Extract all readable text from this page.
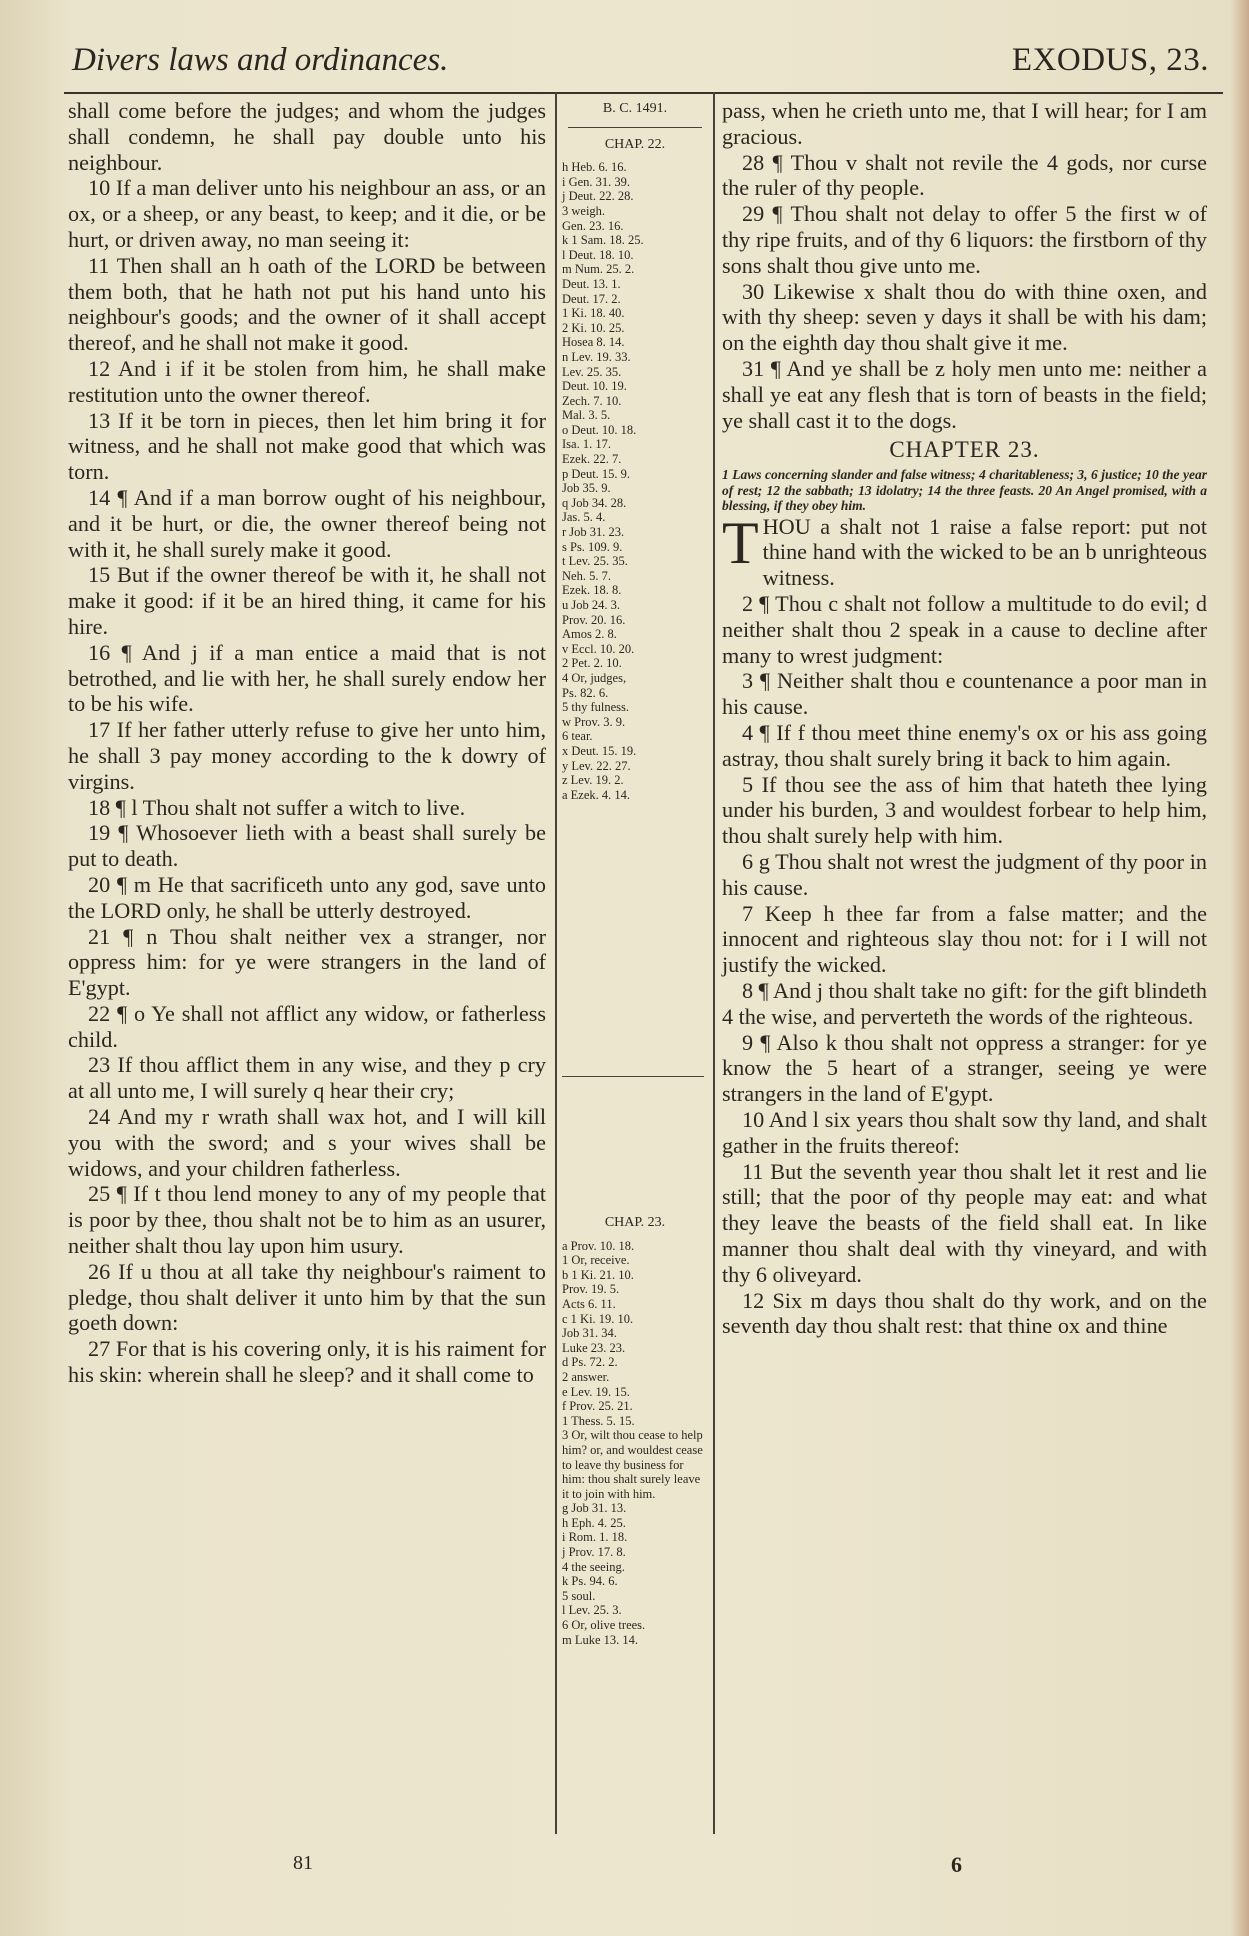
Divers laws and ordinances.	EXODUS, 23.

shall come before the judges; and whom the judges shall condemn, he shall pay double unto his neighbour.

10 If a man deliver unto his neighbour an ass, or an ox, or a sheep, or any beast, to keep; and it die, or be hurt, or driven away, no man seeing it:

11 Then shall an h oath of the LORD be between them both, that he hath not put his hand unto his neighbour's goods; and the owner of it shall accept thereof, and he shall not make it good.

12 And i if it be stolen from him, he shall make restitution unto the owner thereof.

13 If it be torn in pieces, then let him bring it for witness, and he shall not make good that which was torn.

14 ¶ And if a man borrow ought of his neighbour, and it be hurt, or die, the owner thereof being not with it, he shall surely make it good.

15 But if the owner thereof be with it, he shall not make it good: if it be an hired thing, it came for his hire.

16 ¶ And j if a man entice a maid that is not betrothed, and lie with her, he shall surely endow her to be his wife.

17 If her father utterly refuse to give her unto him, he shall 3 pay money according to the k dowry of virgins.

18 ¶ l Thou shalt not suffer a witch to live.

19 ¶ Whosoever lieth with a beast shall surely be put to death.

20 ¶ m He that sacrificeth unto any god, save unto the LORD only, he shall be utterly destroyed.

21 ¶ n Thou shalt neither vex a stranger, nor oppress him: for ye were strangers in the land of E'gypt.

22 ¶ o Ye shall not afflict any widow, or fatherless child.

23 If thou afflict them in any wise, and they p cry at all unto me, I will surely q hear their cry;

24 And my r wrath shall wax hot, and I will kill you with the sword; and s your wives shall be widows, and your children fatherless.

25 ¶ If t thou lend money to any of my people that is poor by thee, thou shalt not be to him as an usurer, neither shalt thou lay upon him usury.

26 If u thou at all take thy neighbour's raiment to pledge, thou shalt deliver it unto him by that the sun goeth down:

27 For that is his covering only, it is his raiment for his skin: wherein shall he sleep? and it shall come to

B. C. 1491.
CHAP. 22.
h Heb. 6. 16.
i Gen. 31. 39.
j Deut. 22. 28.
3 weigh.
Gen. 23. 16.
k 1 Sam. 18. 25.
l Deut. 18. 10.
m Num. 25. 2.
Deut. 13. 1.
Deut. 17. 2.
1 Ki. 18. 40.
2 Ki. 10. 25.
Hosea 8. 14.
n Lev. 19. 33.
Lev. 25. 35.
Deut. 10. 19.
Zech. 7. 10.
Mal. 3. 5.
o Deut. 10. 18.
Isa. 1. 17.
Ezek. 22. 7.
p Deut. 15. 9.
Job 35. 9.
q Job 34. 28.
Jas. 5. 4.
r Job 31. 23.
s Ps. 109. 9.
t Lev. 25. 35.
Neh. 5. 7.
Ezek. 18. 8.
u Job 24. 3.
Prov. 20. 16.
Amos 2. 8.
v Eccl. 10. 20.
2 Pet. 2. 10.
4 Or, judges,
Ps. 82. 6.
5 thy fulness.
w Prov. 3. 9.
6 tear.
x Deut. 15. 19.
y Lev. 22. 27.
z Lev. 19. 2.
a Ezek. 4. 14.
CHAP. 23.
a Prov. 10. 18.
1 Or, receive.
b 1 Ki. 21. 10.
Prov. 19. 5.
Acts 6. 11.
c 1 Ki. 19. 10.
Job 31. 34.
Luke 23. 23.
d Ps. 72. 2.
2 answer.
e Lev. 19. 15.
f Prov. 25. 21.
1 Thess. 5. 15.
3 Or, wilt thou cease to help him? or, and wouldest cease to leave thy business for him: thou shalt surely leave it to join with him.
g Job 31. 13.
h Eph. 4. 25.
i Rom. 1. 18.
j Prov. 17. 8.
4 the seeing.
k Ps. 94. 6.
5 soul.
l Lev. 25. 3.
6 Or, olive trees.
m Luke 13. 14.

pass, when he crieth unto me, that I will hear; for I am gracious.

28 ¶ Thou v shalt not revile the 4 gods, nor curse the ruler of thy people.

29 ¶ Thou shalt not delay to offer 5 the first w of thy ripe fruits, and of thy 6 liquors: the firstborn of thy sons shalt thou give unto me.

30 Likewise x shalt thou do with thine oxen, and with thy sheep: seven y days it shall be with his dam; on the eighth day thou shalt give it me.

31 ¶ And ye shall be z holy men unto me: neither a shall ye eat any flesh that is torn of beasts in the field; ye shall cast it to the dogs.

CHAPTER 23.

1 Laws concerning slander and false witness; 4 charitableness; 3, 6 justice; 10 the year of rest; 12 the sabbath; 13 idolatry; 14 the three feasts. 20 An Angel promised, with a blessing, if they obey him.

THOU a shalt not 1 raise a false report: put not thine hand with the wicked to be an b unrighteous witness.

2 ¶ Thou c shalt not follow a multitude to do evil; d neither shalt thou 2 speak in a cause to decline after many to wrest judgment:

3 ¶ Neither shalt thou e countenance a poor man in his cause.

4 ¶ If f thou meet thine enemy's ox or his ass going astray, thou shalt surely bring it back to him again.

5 If thou see the ass of him that hateth thee lying under his burden, 3 and wouldest forbear to help him, thou shalt surely help with him.

6 g Thou shalt not wrest the judgment of thy poor in his cause.

7 Keep h thee far from a false matter; and the innocent and righteous slay thou not: for i I will not justify the wicked.

8 ¶ And j thou shalt take no gift: for the gift blindeth 4 the wise, and perverteth the words of the righteous.

9 ¶ Also k thou shalt not oppress a stranger: for ye know the 5 heart of a stranger, seeing ye were strangers in the land of E'gypt.

10 And l six years thou shalt sow thy land, and shalt gather in the fruits thereof:

11 But the seventh year thou shalt let it rest and lie still; that the poor of thy people may eat: and what they leave the beasts of the field shall eat. In like manner thou shalt deal with thy vineyard, and with thy 6 oliveyard.

12 Six m days thou shalt do thy work, and on the seventh day thou shalt rest: that thine ox and thine

81	6
